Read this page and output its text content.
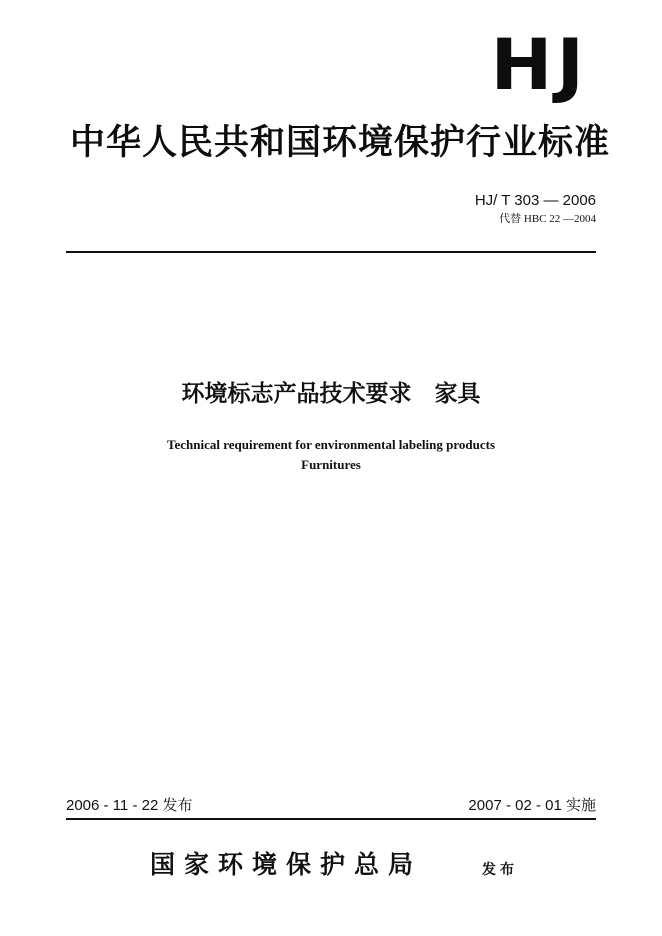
HJ
中华人民共和国环境保护行业标准
HJ/ T 303 — 2006
代替 HBC 22 —2004
环境标志产品技术要求　家具
Technical requirement for environmental labeling products
Furnitures
2006 - 11 - 22 发布	2007 - 02 - 01 实施
国家环境保护总局	发布
